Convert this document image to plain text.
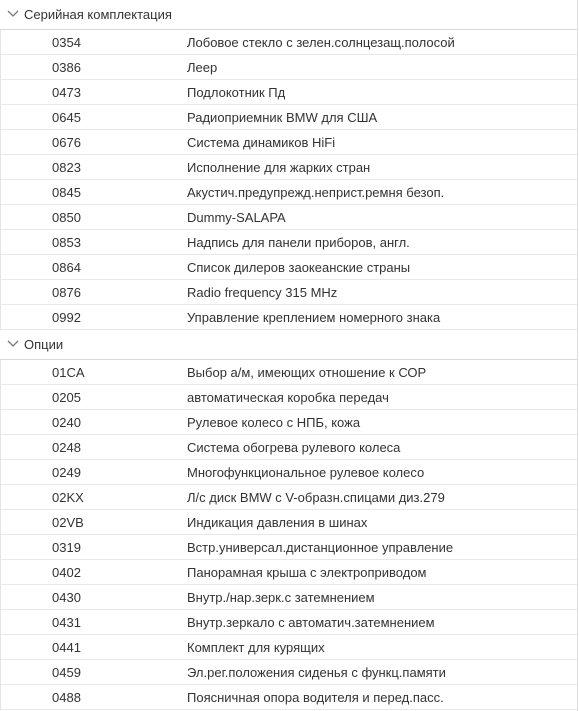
Серийная комплектация
0354	Лобовое стекло с зелен.солнцезащ.полосой
0386	Леер
0473	Подлокотник Пд
0645	Радиоприемник BMW для США
0676	Система динамиков HiFi
0823	Исполнение для жарких стран
0845	Акустич.предупрежд.неприст.ремня безоп.
0850	Dummy-SALAPA
0853	Надпись для панели приборов, англ.
0864	Список дилеров заокеанские страны
0876	Radio frequency 315 MHz
0992	Управление креплением номерного знака
Опции
01CA	Выбор а/м, имеющих отношение к СОР
0205	автоматическая коробка передач
0240	Рулевое колесо с НПБ, кожа
0248	Система обогрева рулевого колеса
0249	Многофункциональное рулевое колесо
02KX	Л/с диск BMW с V-образн.спицами диз.279
02VB	Индикация давления в шинах
0319	Встр.универсал.дистанционное управление
0402	Панорамная крыша с электроприводом
0430	Внутр./нар.зерк.с затемнением
0431	Внутр.зеркало с автоматич.затемнением
0441	Комплект для курящих
0459	Эл.рег.положения сиденья с функц.памяти
0488	Поясничная опора водителя и перед.пасс.
